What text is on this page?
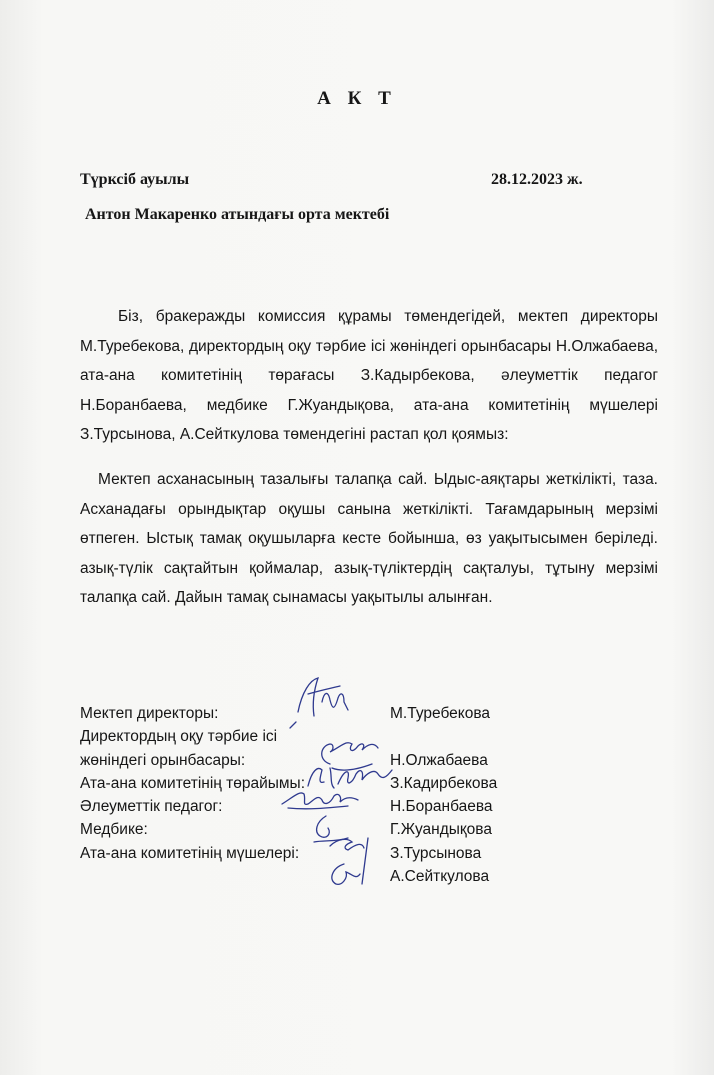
А К Т
Түрксіб ауылы	28.12.2023 ж.
Антон Макаренко атындағы орта мектебі

Біз, бракеражды комиссия құрамы төмендегідей, мектеп директоры М.Туребекова, директордың оқу тәрбие ісі жөніндегі орынбасары Н.Олжабаева, ата-ана комитетінің төрағасы З.Кадырбекова, әлеуметтік педагог Н.Боранбаева, медбике Г.Жуандықова, ата-ана комитетінің мүшелері З.Турсынова, А.Сейткулова төмендегіні растап қол қоямыз:

Мектеп асханасының тазалығы талапқа сай. Ыдыс-аяқтары жеткілікті, таза. Асханадағы орындықтар оқушы санына жеткілікті. Тағамдарының мерзімі өтпеген. Ыстық тамақ оқушыларға кесте бойынша, өз уақытысымен беріледі. азық-түлік сақтайтын қоймалар, азық-түліктердің сақталуы, тұтыну мерзімі талапқа сай. Дайын тамақ сынамасы уақытылы алынған.

Мектеп директоры:	М.Туребекова
Директордың оқу тәрбие ісі
жөніндегі орынбасары:	Н.Олжабаева
Ата-ана комитетінің төрайымы:	З.Кадирбекова
Әлеуметтік педагог:	Н.Боранбаева
Медбике:	Г.Жуандықова
Ата-ана комитетінің мүшелері:	З.Турсынова
А.Сейткулова
